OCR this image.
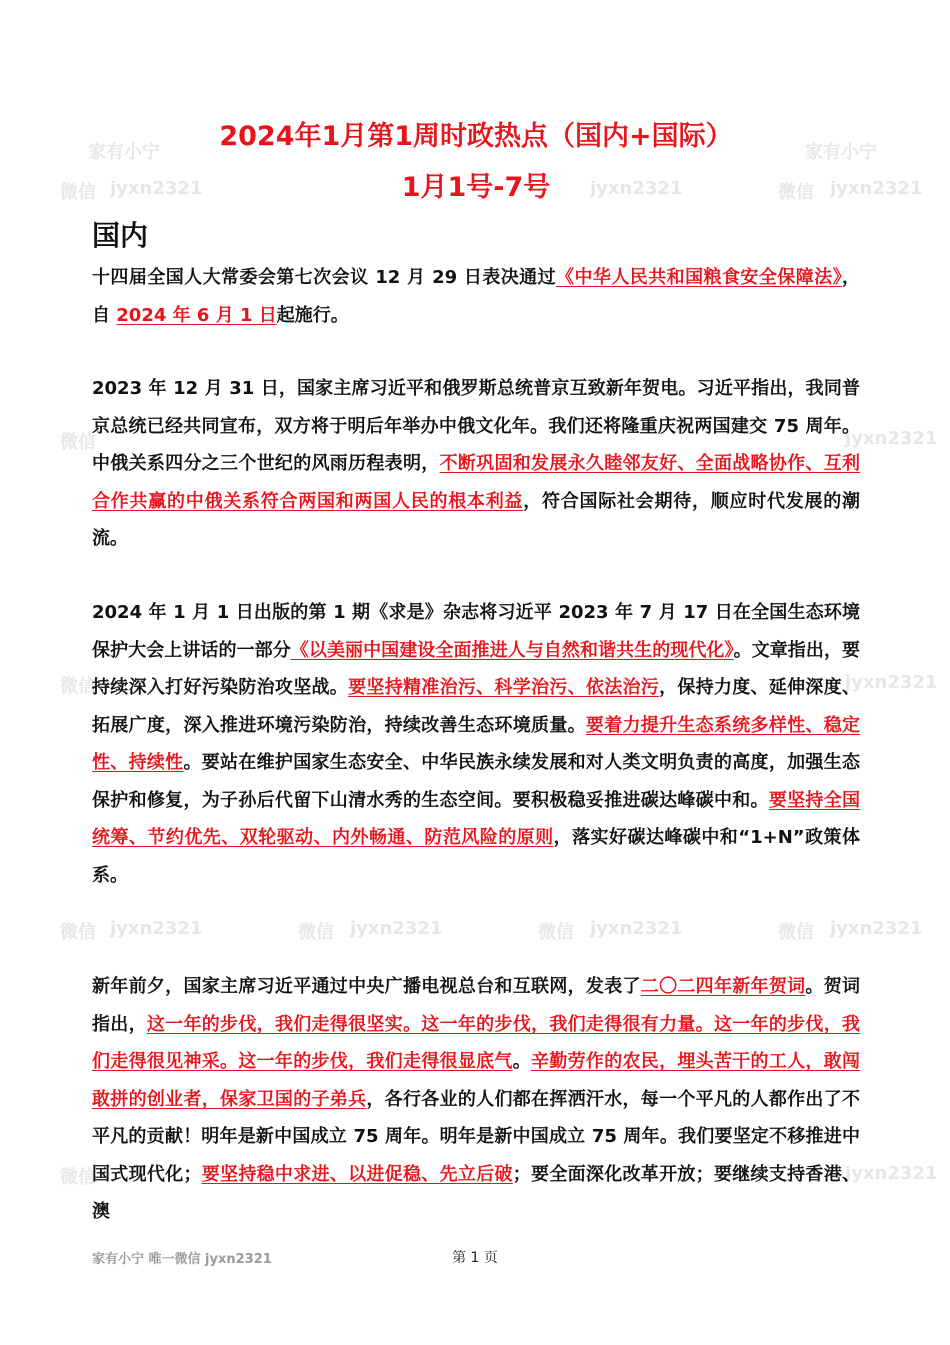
家有小宁	家有小宁
微信 jyxn2321	jyxn2321	微信 jyxn2321
微信	jyxn2321
微信	jyxn2321
微信 jyxn2321	微信 jyxn2321	微信 jyxn2321	微信 jyxn2321
微信	jyxn2321
2024年1月第1周时政热点（国内+国际）
1月1号-7号
国内
十四届全国人大常委会第七次会议 12 月 29 日表决通过《中华人民共和国粮食安全保障法》，自 2024 年 6 月 1 日起施行。
2023 年 12 月 31 日，国家主席习近平和俄罗斯总统普京互致新年贺电。习近平指出，我同普京总统已经共同宣布，双方将于明后年举办中俄文化年。我们还将隆重庆祝两国建交 75 周年。中俄关系四分之三个世纪的风雨历程表明，不断巩固和发展永久睦邻友好、全面战略协作、互利合作共赢的中俄关系符合两国和两国人民的根本利益，符合国际社会期待，顺应时代发展的潮流。
2024 年 1 月 1 日出版的第 1 期《求是》杂志将习近平 2023 年 7 月 17 日在全国生态环境保护大会上讲话的一部分《以美丽中国建设全面推进人与自然和谐共生的现代化》。文章指出，要持续深入打好污染防治攻坚战。要坚持精准治污、科学治污、依法治污，保持力度、延伸深度、拓展广度，深入推进环境污染防治，持续改善生态环境质量。要着力提升生态系统多样性、稳定性、持续性。要站在维护国家生态安全、中华民族永续发展和对人类文明负责的高度，加强生态保护和修复，为子孙后代留下山清水秀的生态空间。要积极稳妥推进碳达峰碳中和。要坚持全国统筹、节约优先、双轮驱动、内外畅通、防范风险的原则，落实好碳达峰碳中和“1+N”政策体系。
新年前夕，国家主席习近平通过中央广播电视总台和互联网，发表了二〇二四年新年贺词。贺词指出，这一年的步伐，我们走得很坚实。这一年的步伐，我们走得很有力量。这一年的步伐，我们走得很见神采。这一年的步伐，我们走得很显底气。辛勤劳作的农民，埋头苦干的工人，敢闯敢拼的创业者，保家卫国的子弟兵，各行各业的人们都在挥洒汗水，每一个平凡的人都作出了不平凡的贡献！明年是新中国成立 75 周年。明年是新中国成立 75 周年。我们要坚定不移推进中国式现代化；要坚持稳中求进、以进促稳、先立后破；要全面深化改革开放；要继续支持香港、澳
家有小宁 唯一微信 jyxn2321	第 1 页
